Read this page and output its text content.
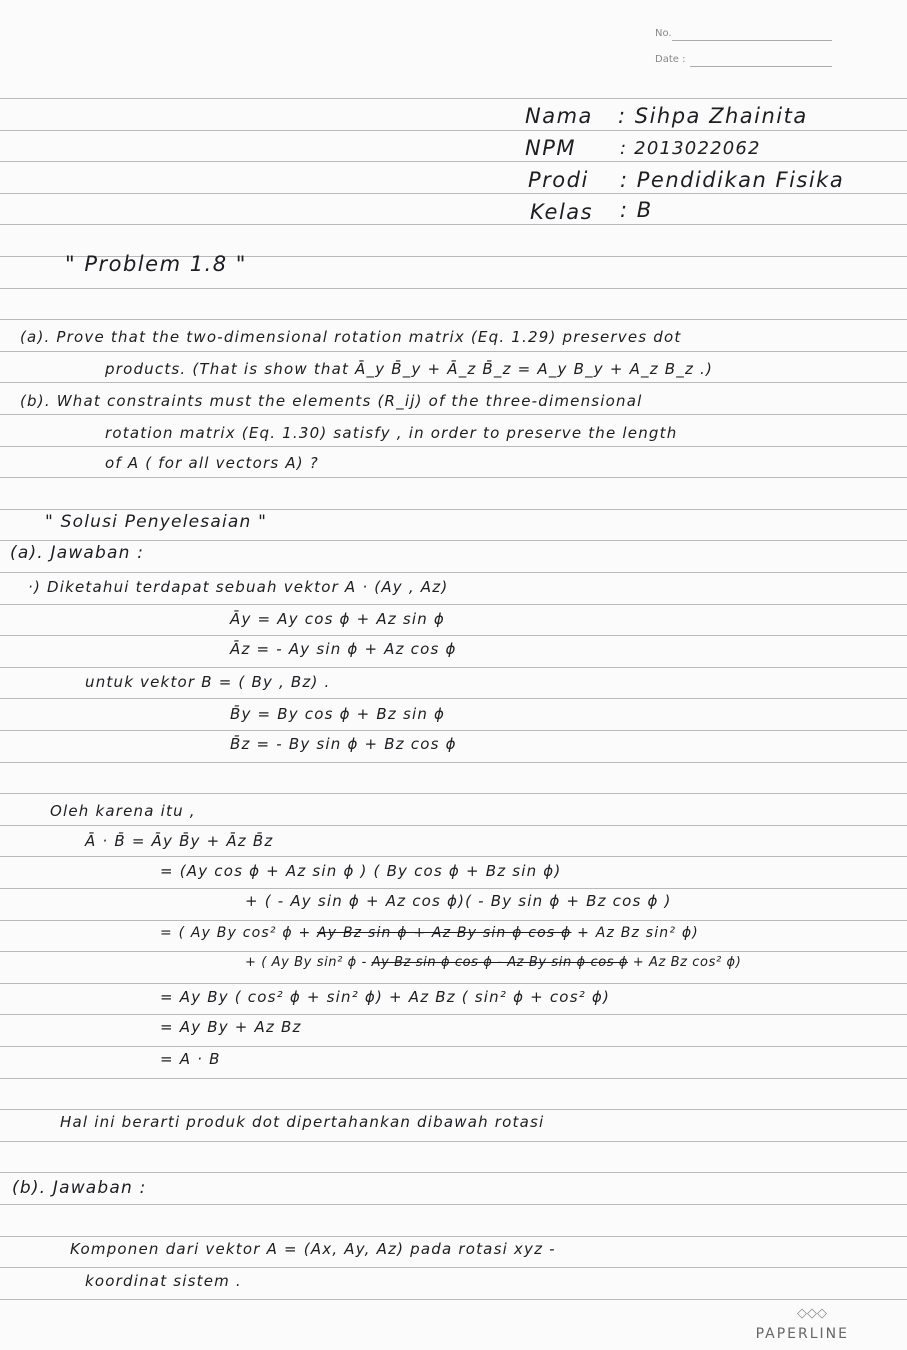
No.
Date :
Nama : Sihpa Zhainita
NPM : 2013022062
Prodi : Pendidikan Fisika
Kelas : B
" Problem 1.8 "
(a). Prove that the two-dimensional rotation matrix (Eq. 1.29) preserves dot
products. (That is show that Ā_y B̄_y + Ā_z B̄_z = A_y B_y + A_z B_z .)
(b). What constraints must the elements (R_ij) of the three-dimensional
rotation matrix (Eq. 1.30) satisfy , in order to preserve the length
of A ( for all vectors A) ?
" Solusi Penyelesaian "
(a). Jawaban :
·) Diketahui terdapat sebuah vektor A · (Ay , Az)
Āy = Ay cos ϕ + Az sin ϕ
Āz = - Ay sin ϕ + Az cos ϕ
untuk vektor B = ( By , Bz) .
B̄y = By cos ϕ + Bz sin ϕ
B̄z = - By sin ϕ + Bz cos ϕ
Oleh karena itu ,
Ā · B̄ = Āy B̄y + Āz B̄z
= (Ay cos ϕ + Az sin ϕ ) ( By cos ϕ + Bz sin ϕ)
+ ( - Ay sin ϕ + Az cos ϕ)( - By sin ϕ + Bz cos ϕ )
= ( Ay By cos² ϕ + Ay Bz sin ϕ + Az By sin ϕ cos ϕ + Az Bz sin² ϕ)
+ ( Ay By sin² ϕ - Ay Bz sin ϕ cos ϕ - Az By sin ϕ cos ϕ + Az Bz cos² ϕ)
= Ay By ( cos² ϕ + sin² ϕ) + Az Bz ( sin² ϕ + cos² ϕ)
= Ay By + Az Bz
= A · B
Hal ini berarti produk dot dipertahankan dibawah rotasi
(b). Jawaban :
Komponen dari vektor A = (Ax, Ay, Az) pada rotasi xyz -
koordinat sistem .
◇◇◇
PAPERLINE
